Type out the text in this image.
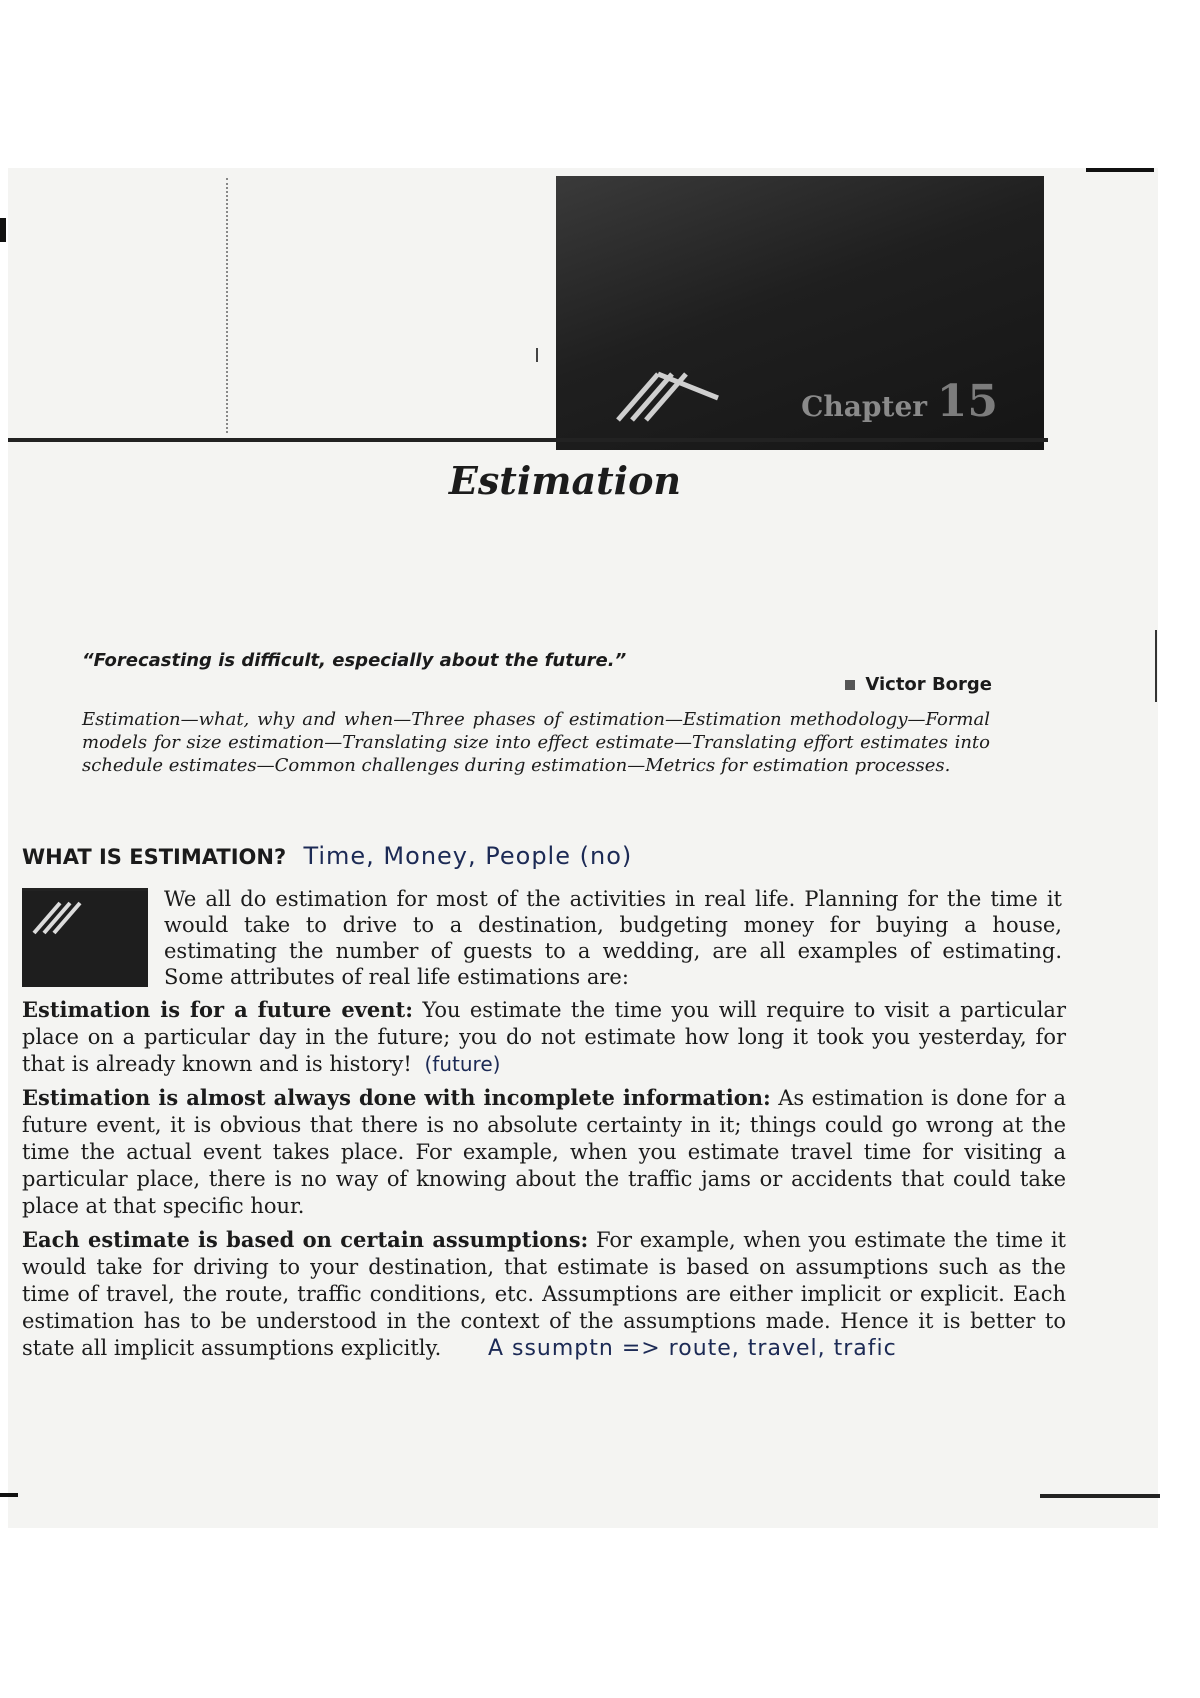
Chapter 15
Estimation
“Forecasting is difficult, especially about the future.”
Victor Borge
Estimation—what, why and when—Three phases of estimation—Estimation methodology—Formal models for size estimation—Translating size into effect estimate—Translating effort estimates into schedule estimates—Common challenges during estimation—Metrics for estimation processes.
WHAT IS ESTIMATION? Time, Money, People (no)
We all do estimation for most of the activities in real life. Planning for the time it would take to drive to a destination, budgeting money for buying a house, estimating the number of guests to a wedding, are all examples of estimating. Some attributes of real life estimations are:
Estimation is for a future event: You estimate the time you will require to visit a particular place on a particular day in the future; you do not estimate how long it took you yesterday, for that is already known and is history! (future)
Estimation is almost always done with incomplete information: As estimation is done for a future event, it is obvious that there is no absolute certainty in it; things could go wrong at the time the actual event takes place. For example, when you estimate travel time for visiting a particular place, there is no way of knowing about the traffic jams or accidents that could take place at that specific hour.
Each estimate is based on certain assumptions: For example, when you estimate the time it would take for driving to your destination, that estimate is based on assumptions such as the time of travel, the route, traffic conditions, etc. Assumptions are either implicit or explicit. Each estimation has to be understood in the context of the assumptions made. Hence it is better to state all implicit assumptions explicitly. A ssumptn => route, travel, trafic
